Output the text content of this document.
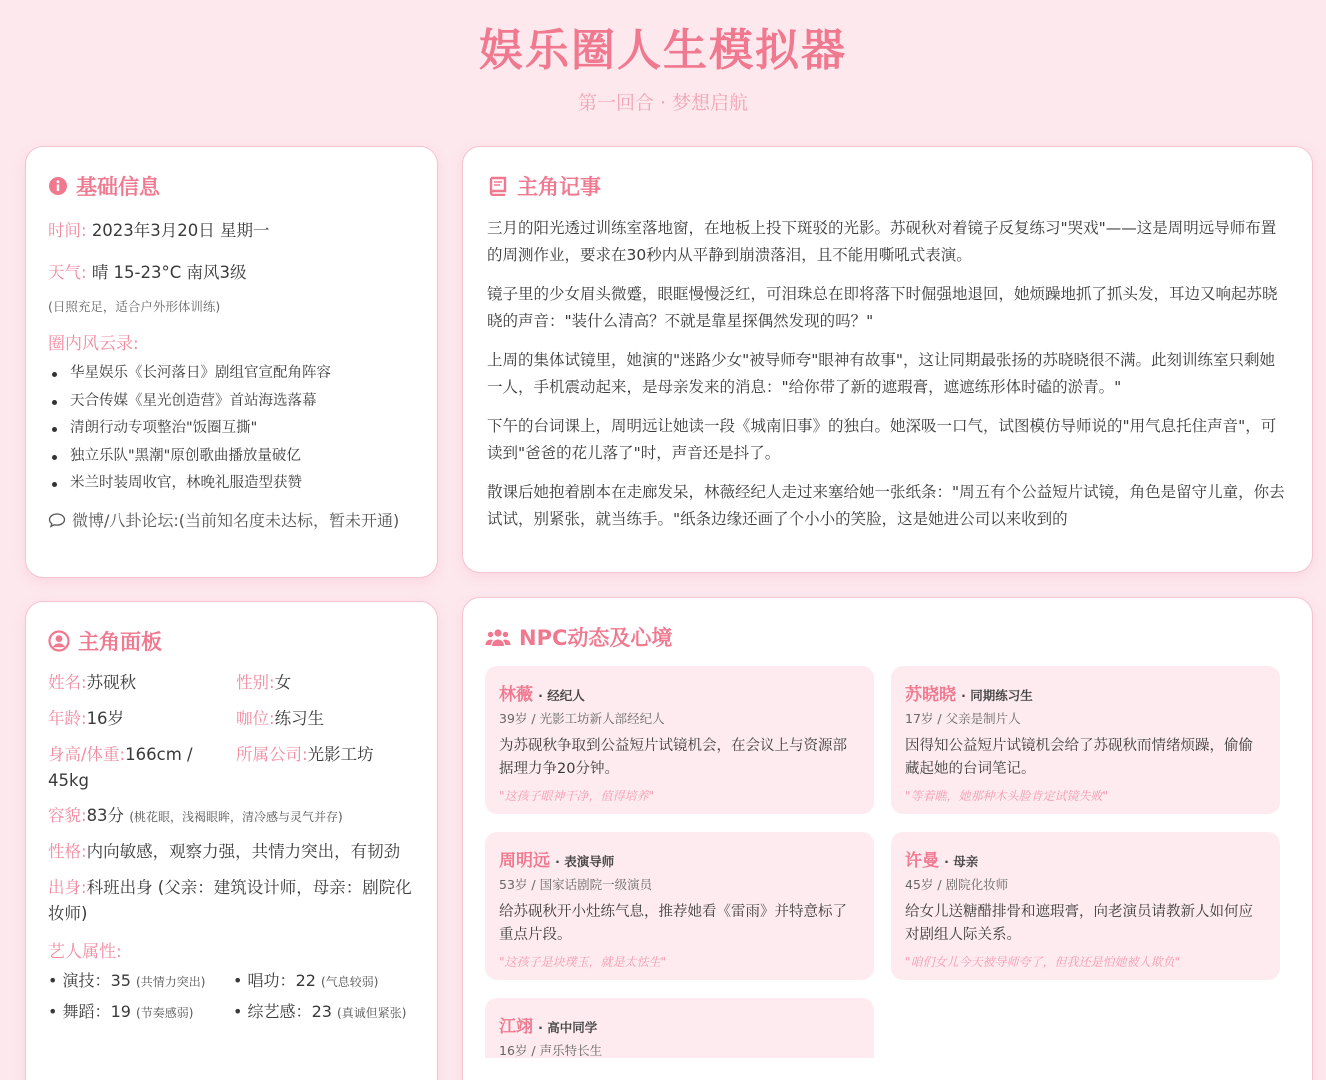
娱乐圈人生模拟器
第一回合 · 梦想启航
基础信息
时间: 2023年3月20日 星期一
天气: 晴 15-23°C 南风3级
(日照充足，适合户外形体训练)
圈内风云录:
华星娱乐《长河落日》剧组官宣配角阵容
天合传媒《星光创造营》首站海选落幕
清朗行动专项整治"饭圈互撕"
独立乐队"黑潮"原创歌曲播放量破亿
米兰时装周收官，林晚礼服造型获赞
微博/八卦论坛:(当前知名度未达标，暂未开通)
主角记事

三月的阳光透过训练室落地窗，在地板上投下斑驳的光影。苏砚秋对着镜子反复练习"哭戏"——这是周明远导师布置的周测作业，要求在30秒内从平静到崩溃落泪，且不能用嘶吼式表演。

镜子里的少女眉头微蹙，眼眶慢慢泛红，可泪珠总在即将落下时倔强地退回，她烦躁地抓了抓头发，耳边又响起苏晓晓的声音："装什么清高？不就是靠星探偶然发现的吗？"

上周的集体试镜里，她演的"迷路少女"被导师夸"眼神有故事"，这让同期最张扬的苏晓晓很不满。此刻训练室只剩她一人，手机震动起来，是母亲发来的消息："给你带了新的遮瑕膏，遮遮练形体时磕的淤青。"

下午的台词课上，周明远让她读一段《城南旧事》的独白。她深吸一口气，试图模仿导师说的"用气息托住声音"，可读到"爸爸的花儿落了"时，声音还是抖了。

散课后她抱着剧本在走廊发呆，林薇经纪人走过来塞给她一张纸条："周五有个公益短片试镜，角色是留守儿童，你去试试，别紧张，就当练手。"纸条边缘还画了个小小的笑脸，这是她进公司以来收到的

主角面板
姓名:苏砚秋	性别:女
年龄:16岁	咖位:练习生
身高/体重:166cm / 45kg
所属公司:光影工坊
容貌:83分 (桃花眼，浅褐眼眸，清冷感与灵气并存)
性格:内向敏感，观察力强，共情力突出，有韧劲
出身:科班出身 (父亲：建筑设计师，母亲：剧院化妆师)
艺人属性:
• 演技：35 (共情力突出)	• 唱功：22 (气息较弱)
• 舞蹈：19 (节奏感弱)	• 综艺感：23 (真诚但紧张)
NPC动态及心境
林薇 · 经纪人
39岁 / 光影工坊新人部经纪人
为苏砚秋争取到公益短片试镜机会，在会议上与资源部据理力争20分钟。
"这孩子眼神干净，值得培养"
苏晓晓 · 同期练习生
17岁 / 父亲是制片人
因得知公益短片试镜机会给了苏砚秋而情绪烦躁，偷偷藏起她的台词笔记。
"等着瞧，她那种木头脸肯定试镜失败"
周明远 · 表演导师
53岁 / 国家话剧院一级演员
给苏砚秋开小灶练气息，推荐她看《雷雨》并特意标了重点片段。
"这孩子是块璞玉，就是太怯生"
许曼 · 母亲
45岁 / 剧院化妆师
给女儿送糖醋排骨和遮瑕膏，向老演员请教新人如何应对剧组人际关系。
"咱们女儿今天被导师夸了，但我还是怕她被人欺负"
江翊 · 高中同学
16岁 / 声乐特长生
